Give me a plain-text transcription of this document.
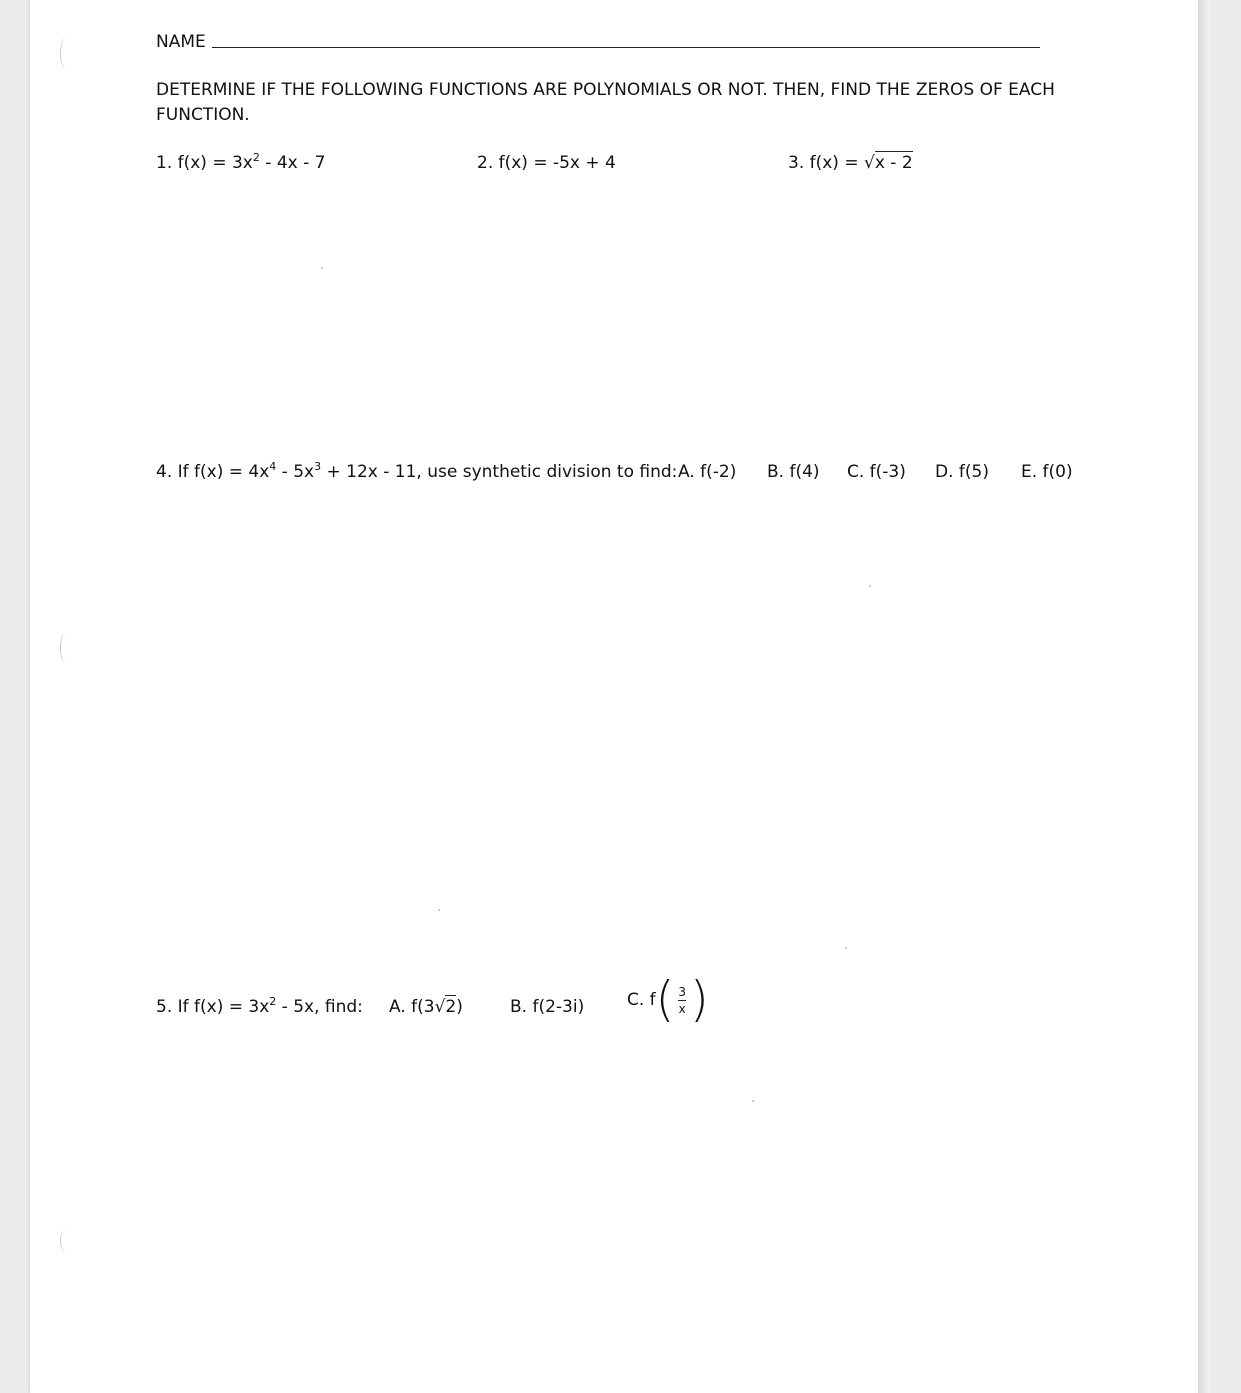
NAME
DETERMINE IF THE FOLLOWING FUNCTIONS ARE POLYNOMIALS OR NOT. THEN, FIND THE ZEROS OF EACH FUNCTION.
1. $f(x) = 3x^2 - 4x - 7$	2. f(x) = -5x + 4	3. f(x) = √x - 2
4. If $f(x) = 4x^4 - 5x^3 + 12x - 11$, use synthetic division to find: A. f(-2) B. f(4) C. f(-3) D. f(5) E. f(0)
5. If $f(x) = 3x^2 - 5x$, find: A. f(3√2)	B. f(2-3i)	C. $f( \frac{3}{x})$
